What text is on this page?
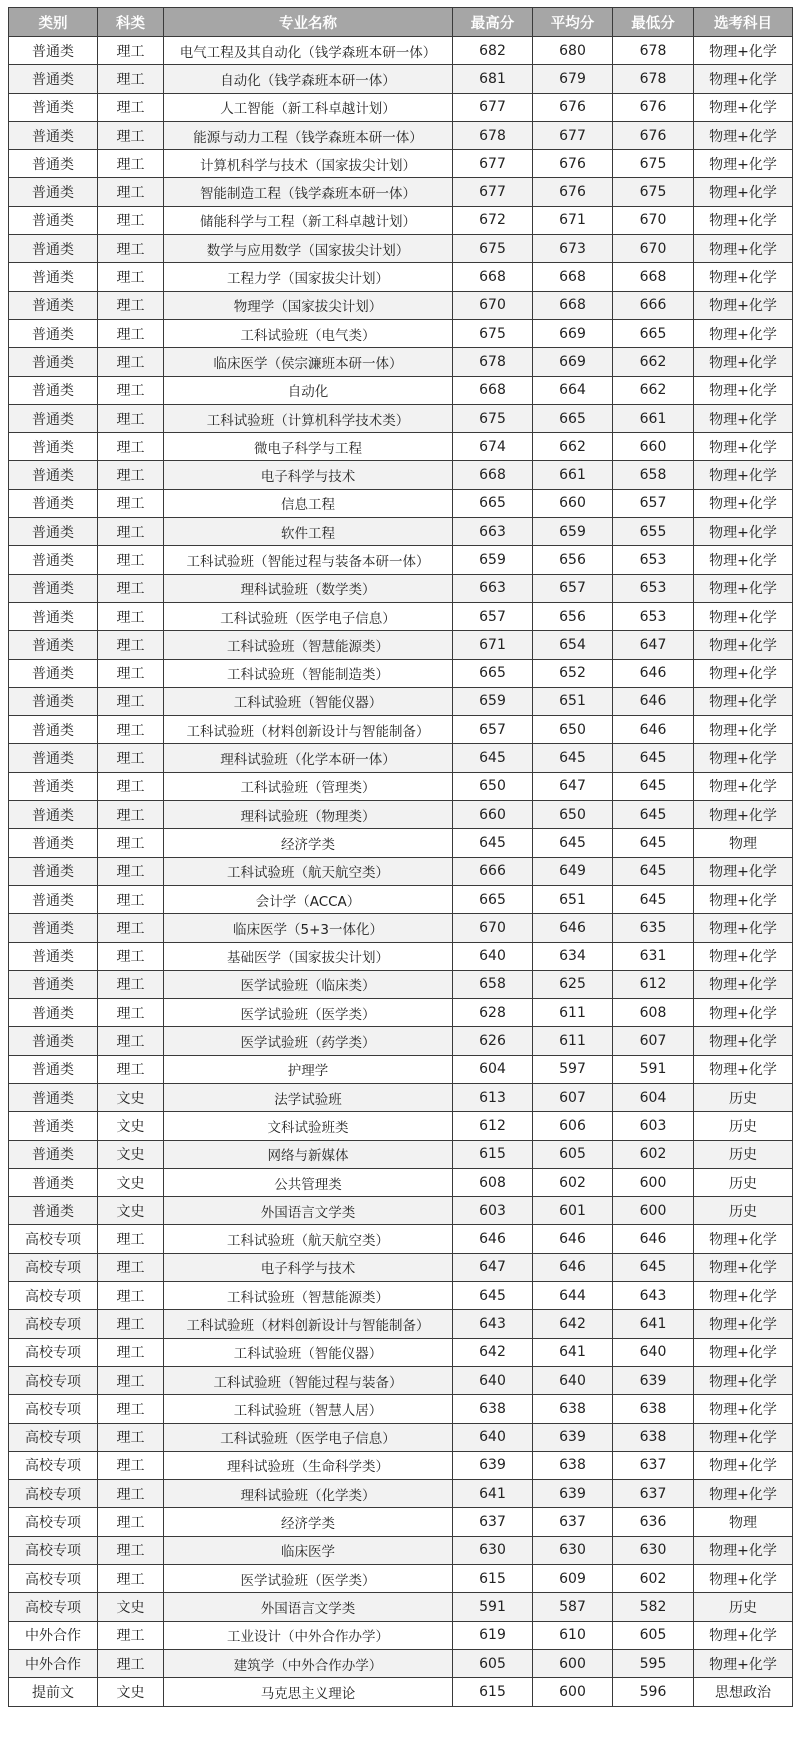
类别	科类	专业名称	最高分	平均分	最低分	选考科目
普通类	理工	电气工程及其自动化（钱学森班本研一体）	682	680	678	物理+化学
普通类	理工	自动化（钱学森班本研一体）	681	679	678	物理+化学
普通类	理工	人工智能（新工科卓越计划）	677	676	676	物理+化学
普通类	理工	能源与动力工程（钱学森班本研一体）	678	677	676	物理+化学
普通类	理工	计算机科学与技术（国家拔尖计划）	677	676	675	物理+化学
普通类	理工	智能制造工程（钱学森班本研一体）	677	676	675	物理+化学
普通类	理工	储能科学与工程（新工科卓越计划）	672	671	670	物理+化学
普通类	理工	数学与应用数学（国家拔尖计划）	675	673	670	物理+化学
普通类	理工	工程力学（国家拔尖计划）	668	668	668	物理+化学
普通类	理工	物理学（国家拔尖计划）	670	668	666	物理+化学
普通类	理工	工科试验班（电气类）	675	669	665	物理+化学
普通类	理工	临床医学（侯宗濂班本研一体）	678	669	662	物理+化学
普通类	理工	自动化	668	664	662	物理+化学
普通类	理工	工科试验班（计算机科学技术类）	675	665	661	物理+化学
普通类	理工	微电子科学与工程	674	662	660	物理+化学
普通类	理工	电子科学与技术	668	661	658	物理+化学
普通类	理工	信息工程	665	660	657	物理+化学
普通类	理工	软件工程	663	659	655	物理+化学
普通类	理工	工科试验班（智能过程与装备本研一体）	659	656	653	物理+化学
普通类	理工	理科试验班（数学类）	663	657	653	物理+化学
普通类	理工	工科试验班（医学电子信息）	657	656	653	物理+化学
普通类	理工	工科试验班（智慧能源类）	671	654	647	物理+化学
普通类	理工	工科试验班（智能制造类）	665	652	646	物理+化学
普通类	理工	工科试验班（智能仪器）	659	651	646	物理+化学
普通类	理工	工科试验班（材料创新设计与智能制备）	657	650	646	物理+化学
普通类	理工	理科试验班（化学本研一体）	645	645	645	物理+化学
普通类	理工	工科试验班（管理类）	650	647	645	物理+化学
普通类	理工	理科试验班（物理类）	660	650	645	物理+化学
普通类	理工	经济学类	645	645	645	物理
普通类	理工	工科试验班（航天航空类）	666	649	645	物理+化学
普通类	理工	会计学（ACCA）	665	651	645	物理+化学
普通类	理工	临床医学（5+3一体化）	670	646	635	物理+化学
普通类	理工	基础医学（国家拔尖计划）	640	634	631	物理+化学
普通类	理工	医学试验班（临床类）	658	625	612	物理+化学
普通类	理工	医学试验班（医学类）	628	611	608	物理+化学
普通类	理工	医学试验班（药学类）	626	611	607	物理+化学
普通类	理工	护理学	604	597	591	物理+化学
普通类	文史	法学试验班	613	607	604	历史
普通类	文史	文科试验班类	612	606	603	历史
普通类	文史	网络与新媒体	615	605	602	历史
普通类	文史	公共管理类	608	602	600	历史
普通类	文史	外国语言文学类	603	601	600	历史
高校专项	理工	工科试验班（航天航空类）	646	646	646	物理+化学
高校专项	理工	电子科学与技术	647	646	645	物理+化学
高校专项	理工	工科试验班（智慧能源类）	645	644	643	物理+化学
高校专项	理工	工科试验班（材料创新设计与智能制备）	643	642	641	物理+化学
高校专项	理工	工科试验班（智能仪器）	642	641	640	物理+化学
高校专项	理工	工科试验班（智能过程与装备）	640	640	639	物理+化学
高校专项	理工	工科试验班（智慧人居）	638	638	638	物理+化学
高校专项	理工	工科试验班（医学电子信息）	640	639	638	物理+化学
高校专项	理工	理科试验班（生命科学类）	639	638	637	物理+化学
高校专项	理工	理科试验班（化学类）	641	639	637	物理+化学
高校专项	理工	经济学类	637	637	636	物理
高校专项	理工	临床医学	630	630	630	物理+化学
高校专项	理工	医学试验班（医学类）	615	609	602	物理+化学
高校专项	文史	外国语言文学类	591	587	582	历史
中外合作	理工	工业设计（中外合作办学）	619	610	605	物理+化学
中外合作	理工	建筑学（中外合作办学）	605	600	595	物理+化学
提前文	文史	马克思主义理论	615	600	596	思想政治
